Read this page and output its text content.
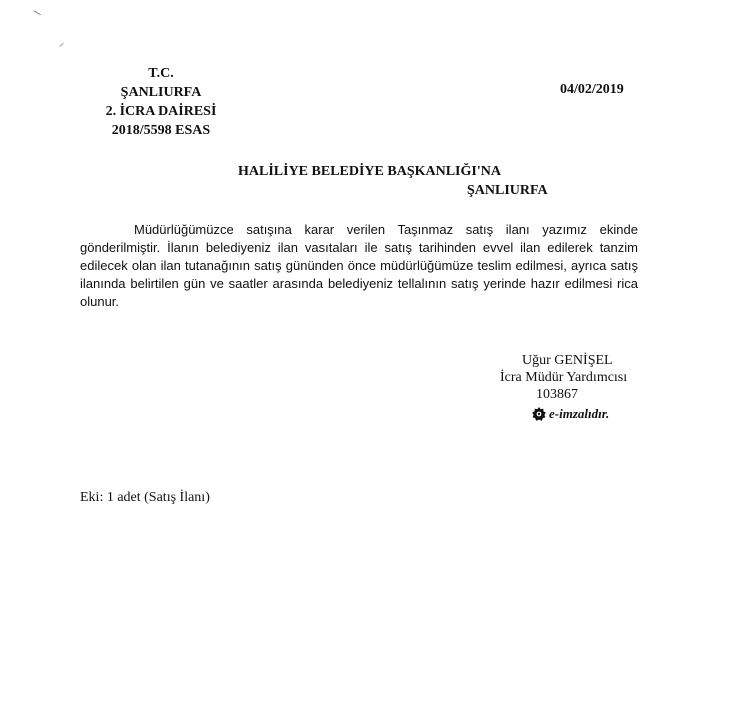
T.C.
ŞANLIURFA
2. İCRA DAİRESİ
2018/5598 ESAS
04/02/2019
HALİLİYE BELEDİYE BAŞKANLIĞI'NA
ŞANLIURFA
Müdürlüğümüzce satışına karar verilen Taşınmaz satış ilanı yazımız ekinde gönderilmiştir. İlanın belediyeniz ilan vasıtaları ile satış tarihinden evvel ilan edilerek tanzim edilecek olan ilan tutanağının satış gününden önce müdürlüğümüze teslim edilmesi, ayrıca satış ilanında belirtilen gün ve saatler arasında belediyeniz tellalının satış yerinde hazır edilmesi rica olunur.
Uğur GENİŞEL
İcra Müdür Yardımcısı
103867
e-imzalıdır.
Eki: 1 adet (Satış İlanı)
